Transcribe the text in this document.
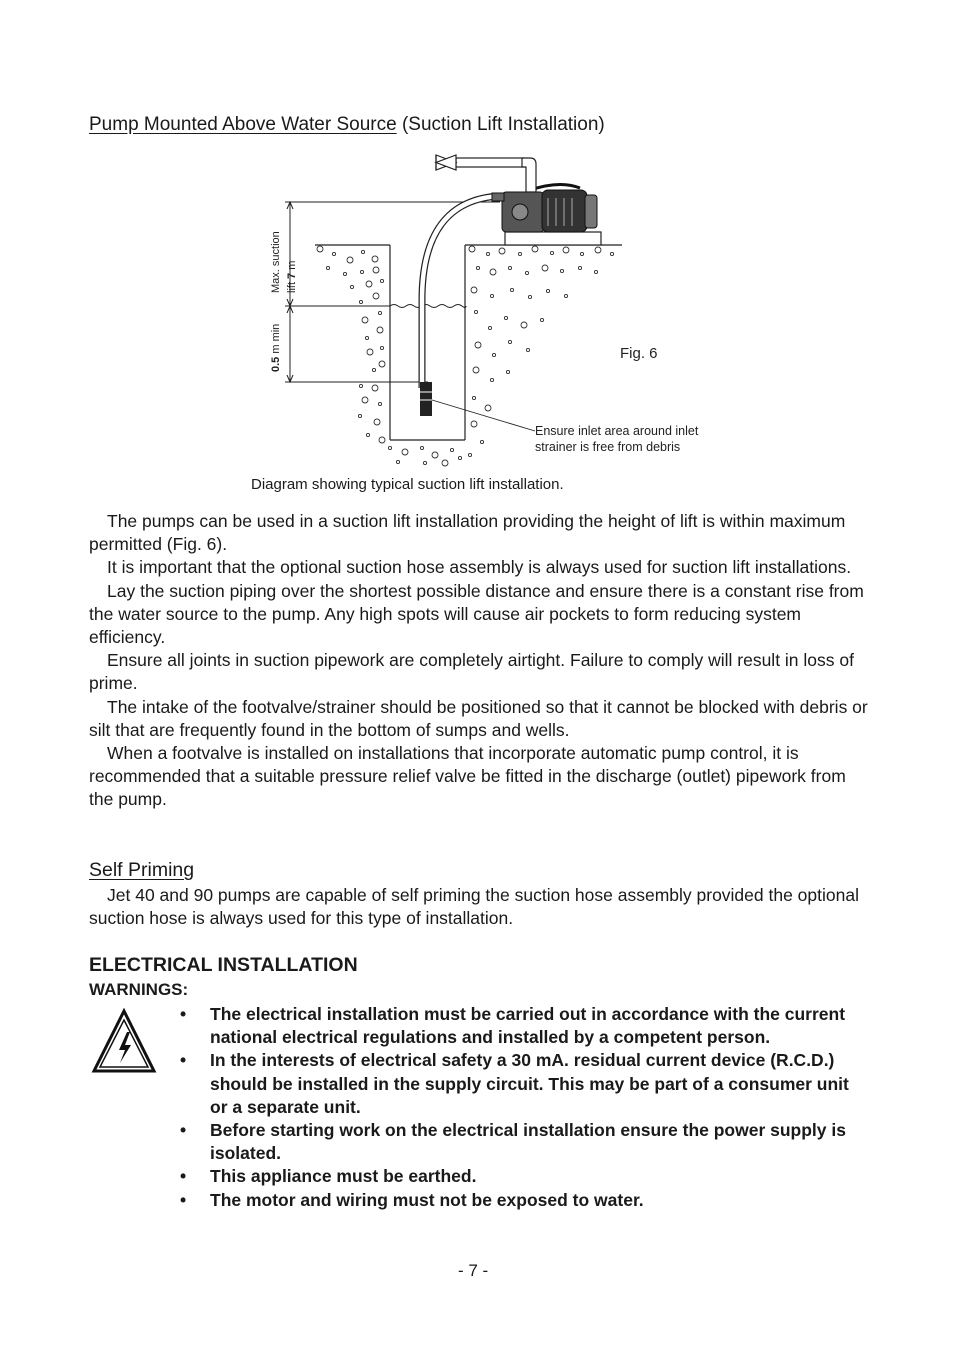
Pump Mounted Above Water Source (Suction Lift Installation)
Max. suction lift 7 m
0.5 m min	Fig. 6
Ensure inlet area around inlet
strainer is free from debris
Diagram showing typical suction lift installation.

The pumps can be used in a suction lift installation providing the height of lift is within maximum permitted (Fig. 6).

It is important that the optional suction hose assembly is always used for suction lift installations.

Lay the suction piping over the shortest possible distance and ensure there is a constant rise from the water source to the pump. Any high spots will cause air pockets to form reducing system efficiency.

Ensure all joints in suction pipework are completely airtight. Failure to comply will result in loss of prime.

The intake of the footvalve/strainer should be positioned so that it cannot be blocked with debris or silt that are frequently found in the bottom of sumps and wells.

When a footvalve is installed on installations that incorporate automatic pump control, it is recommended that a suitable pressure relief valve be fitted in the discharge (outlet) pipework from the pump.

Self Priming

Jet 40 and 90 pumps are capable of self priming the suction hose assembly provided the optional suction hose is always used for this type of installation.

ELECTRICAL INSTALLATION
WARNINGS:
• The electrical installation must be carried out in accordance with the current national electrical regulations and installed by a competent person.
• In the interests of electrical safety a 30 mA. residual current device (R.C.D.) should be installed in the supply circuit. This may be part of a consumer unit or a separate unit.
• Before starting work on the electrical installation ensure the power supply is isolated.
• This appliance must be earthed.
• The motor and wiring must not be exposed to water.
- 7 -
